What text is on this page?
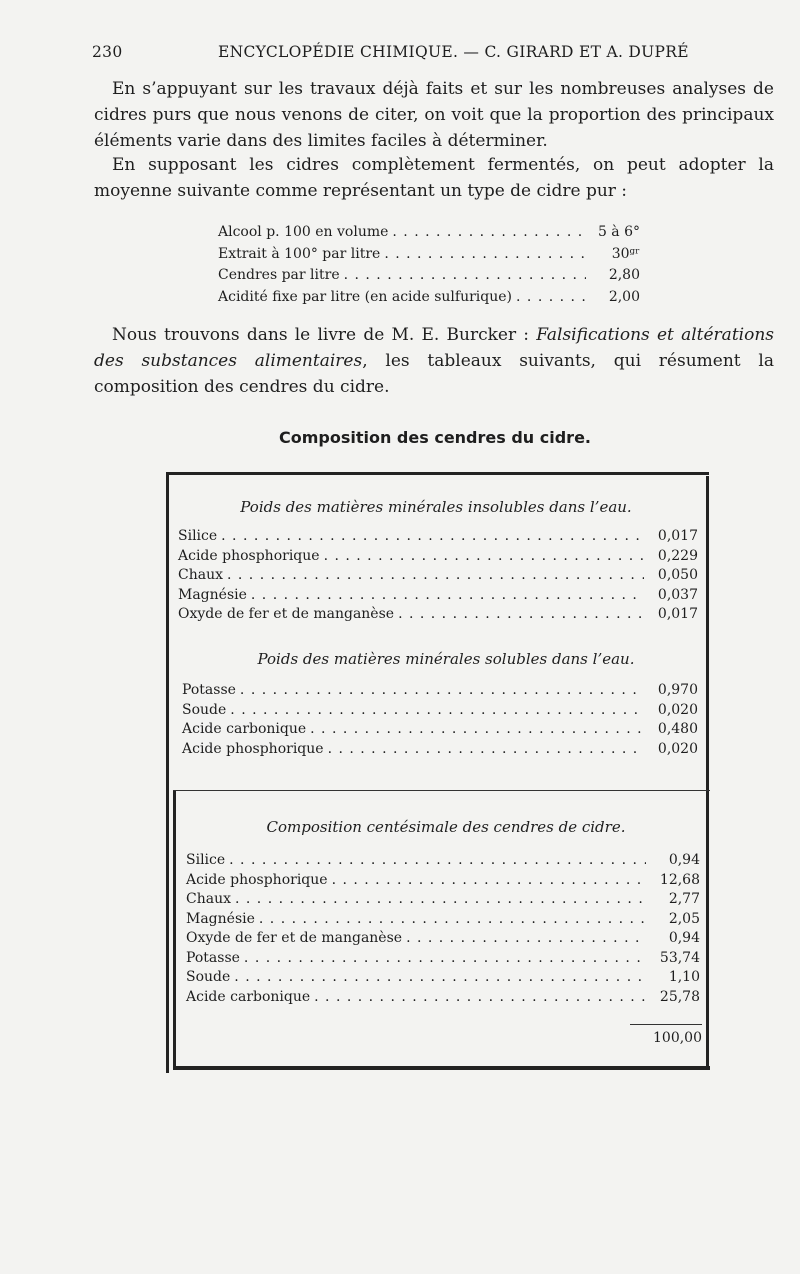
230	ENCYCLOPÉDIE CHIMIQUE. — C. GIRARD ET A. DUPRÉ

En s’appuyant sur les travaux déjà faits et sur les nombreuses analyses de cidres purs que nous venons de citer, on voit que la proportion des principaux éléments varie dans des limites faciles à déterminer.

En supposant les cidres complètement fermentés, on peut adopter la moyenne suivante comme représentant un type de cidre pur :

Alcool p. 100 en volume . . .	5 à 6°
Extrait à 100° par litre . . .	30ᵍʳ
Cendres par litre . . .	2,80
Acidité fixe par litre (en acide sulfurique) . . .	2,00

Nous trouvons dans le livre de M. E. Burcker : Falsifications et altérations des substances alimentaires, les tableaux suivants, qui résument la composition des cendres du cidre.

Composition des cendres du cidre.
Poids des matières minérales insolubles dans l’eau.
Silice . . .	0,017
Acide phosphorique . . .	0,229
Chaux . . .	0,050
Magnésie . . .	0,037
Oxyde de fer et de manganèse . . .	0,017
Poids des matières minérales solubles dans l’eau.
Potasse . . .	0,970
Soude . . .	0,020
Acide carbonique . . .	0,480
Acide phosphorique . . .	0,020
Composition centésimale des cendres de cidre.
Silice . . .	0,94
Acide phosphorique . . .	12,68
Chaux . . .	2,77
Magnésie . . .	2,05
Oxyde de fer et de manganèse . . .	0,94
Potasse . . .	53,74
Soude . . .	1,10
Acide carbonique . . .	25,78
100,00
